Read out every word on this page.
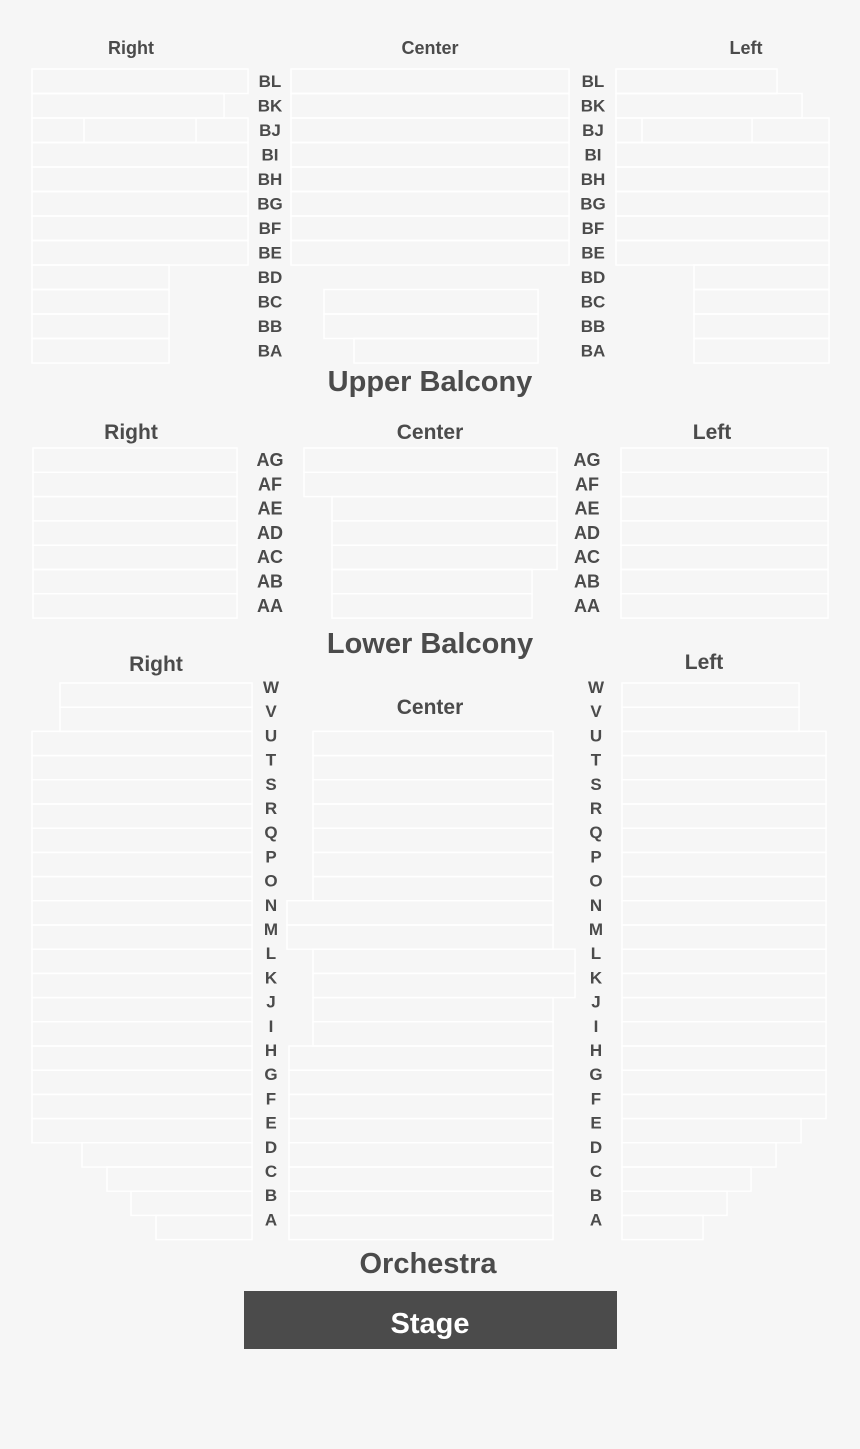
BL	BL
BK	BK
BJ	BJ
BI	BI
BH	BH
BG	BG
BF	BF
BE	BE
BD	BD
BC	BC
BB	BB
BA	BA
AG	AG
AF	AF
AE	AE
AD	AD
AC	AC
AB	AB
AA	AA
W	W
V	V
U	U
T	T
S	S
R	R
Q	Q
P	P
O	O
N	N
M	M
L	L
K	K
J	J
I	I
H	H
G	G
F	F
E	E
D	D
C	C
B	B
A	A
Right	Center	Left
Upper Balcony
Right	Center	Left
Lower Balcony
Right
Center
Left
Orchestra
Stage
